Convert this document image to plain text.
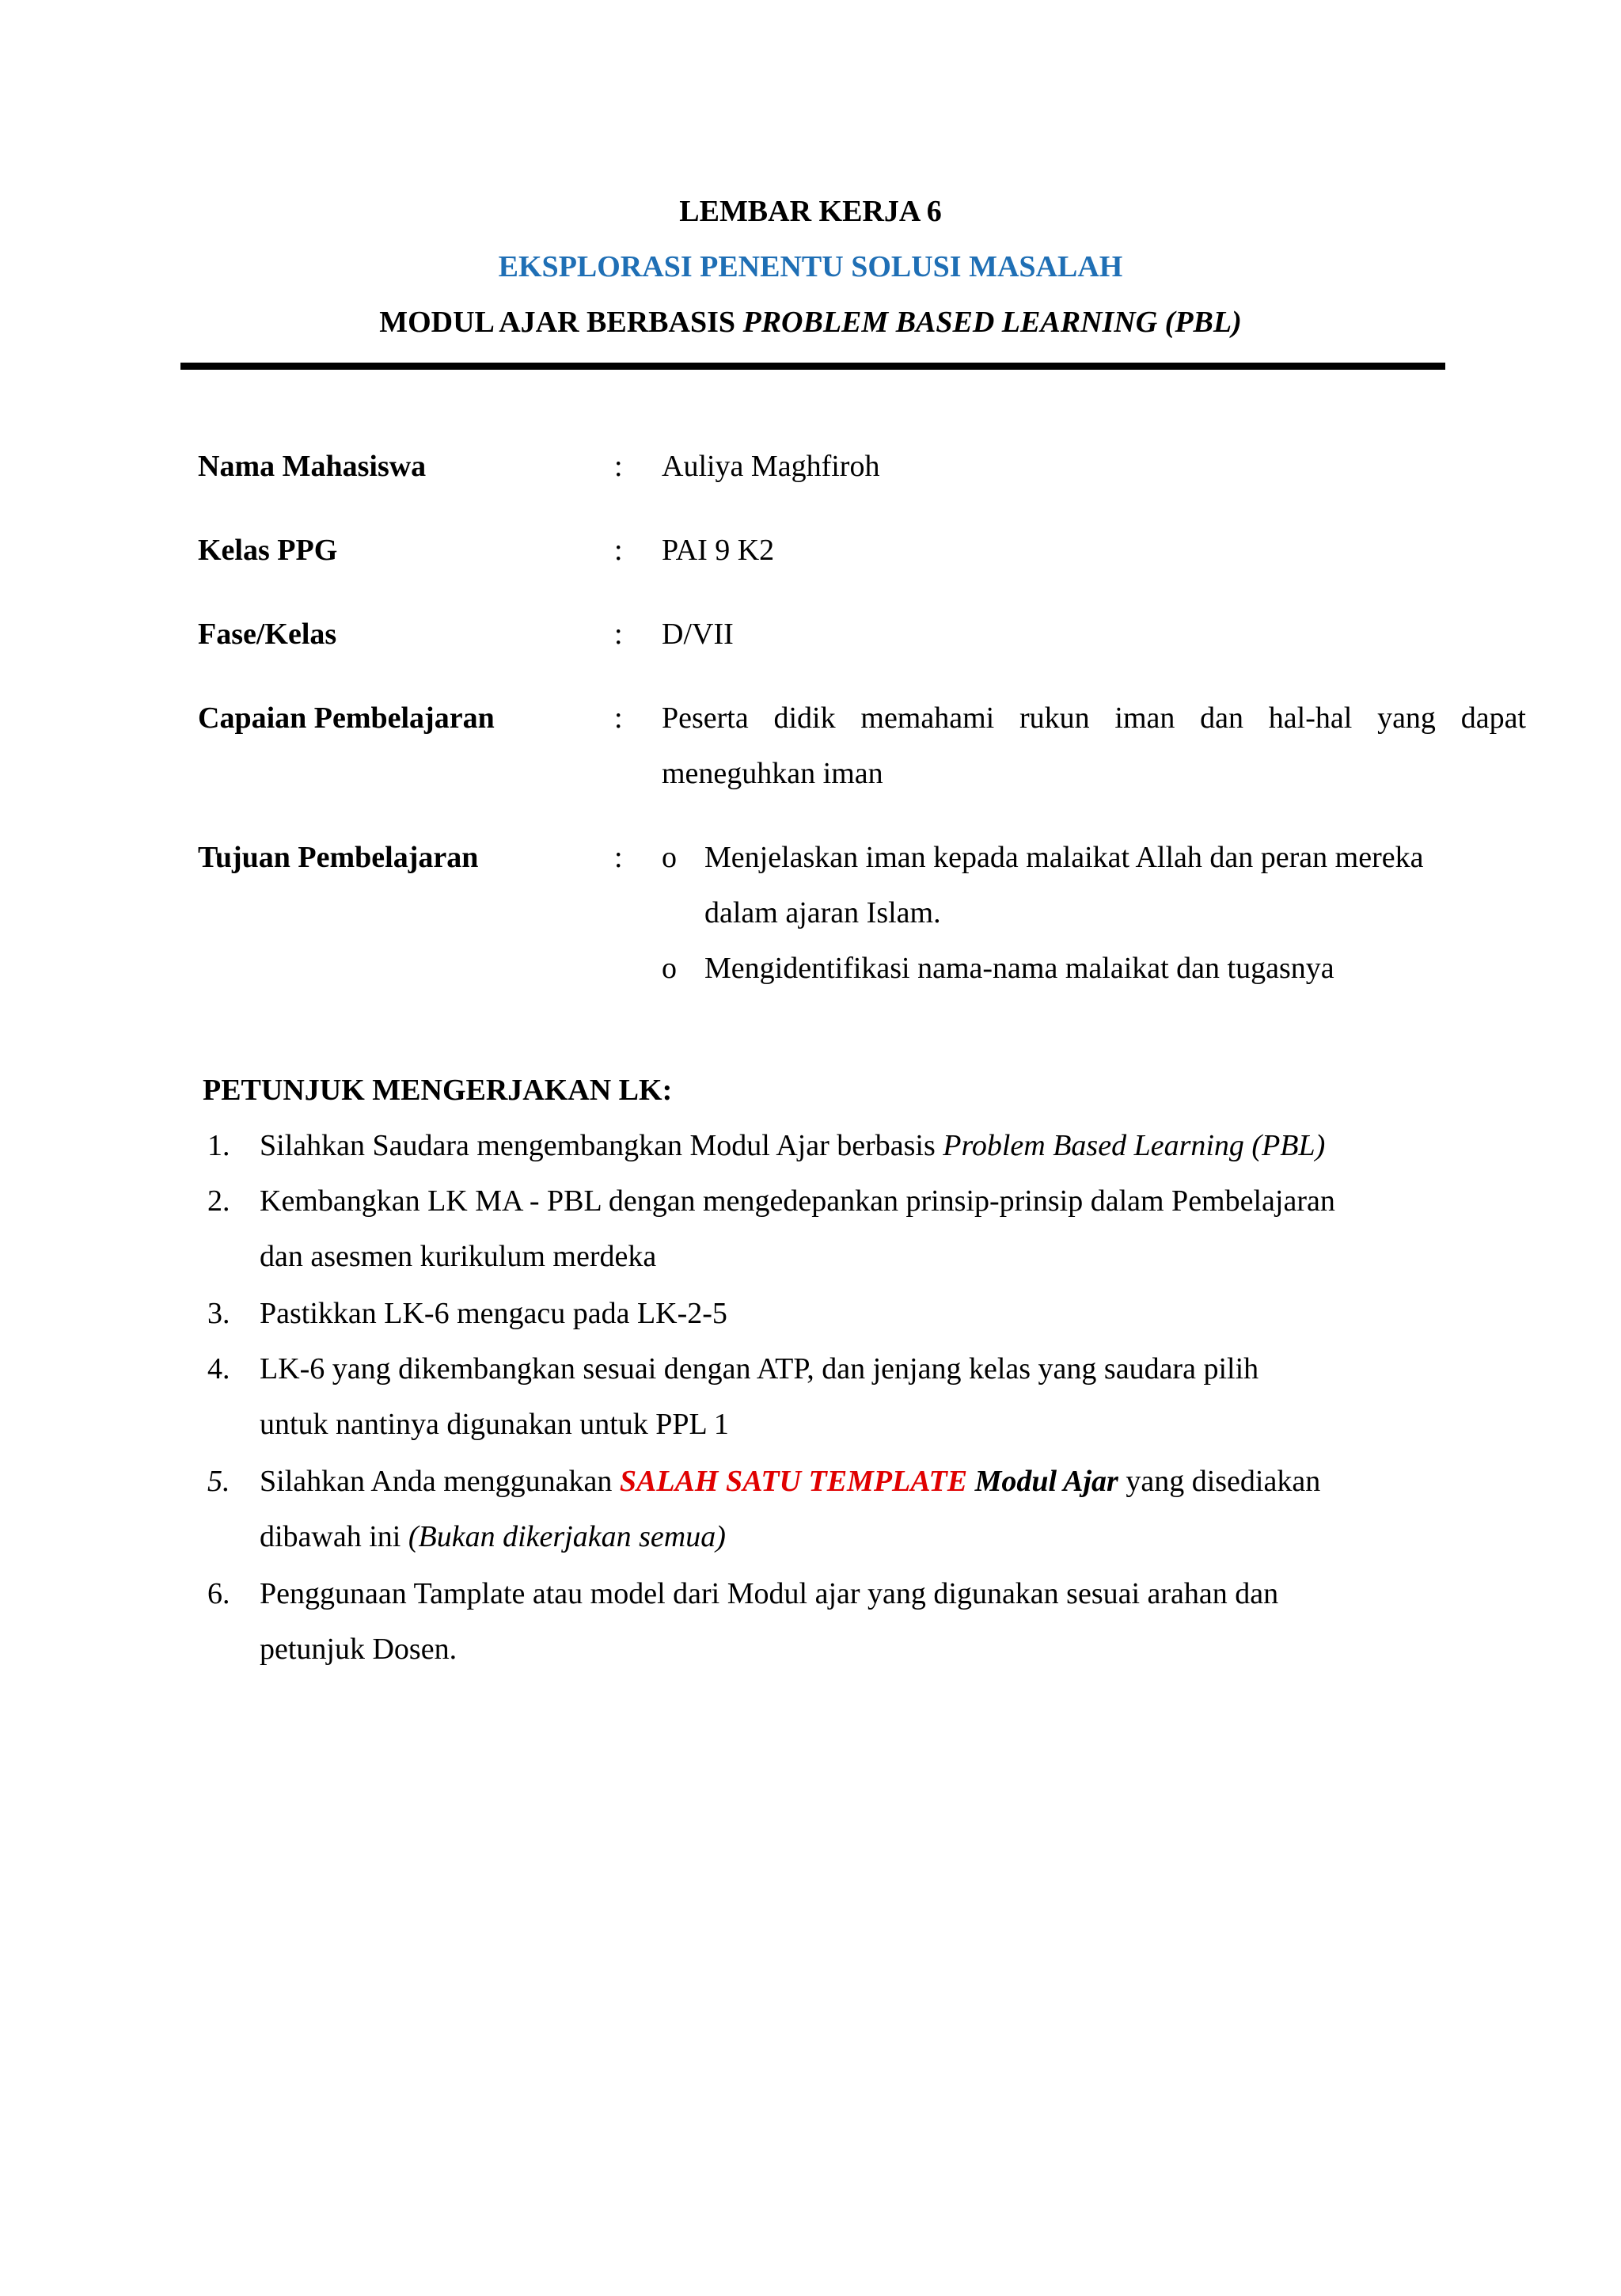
LEMBAR KERJA 6
EKSPLORASI PENENTU SOLUSI MASALAH
MODUL AJAR BERBASIS PROBLEM BASED LEARNING (PBL)
Nama Mahasiswa	: Auliya Maghfiroh
Kelas PPG	: PAI 9 K2
Fase/Kelas	: D/VII
Capaian Pembelajaran	: Peserta didik memahami rukun iman dan hal-hal yang dapat
meneguhkan iman
Tujuan Pembelajaran	: o Menjelaskan iman kepada malaikat Allah dan peran mereka
dalam ajaran Islam.
o Mengidentifikasi nama-nama malaikat dan tugasnya
PETUNJUK MENGERJAKAN LK:
1. Silahkan Saudara mengembangkan Modul Ajar berbasis Problem Based Learning (PBL)
2. Kembangkan LK MA - PBL dengan mengedepankan prinsip-prinsip dalam Pembelajaran
dan asesmen kurikulum merdeka
3. Pastikkan LK-6 mengacu pada LK-2-5
4. LK-6 yang dikembangkan sesuai dengan ATP, dan jenjang kelas yang saudara pilih
untuk nantinya digunakan untuk PPL 1
5. Silahkan Anda menggunakan SALAH SATU TEMPLATE Modul Ajar yang disediakan
dibawah ini (Bukan dikerjakan semua)
6. Penggunaan Tamplate atau model dari Modul ajar yang digunakan sesuai arahan dan
petunjuk Dosen.
